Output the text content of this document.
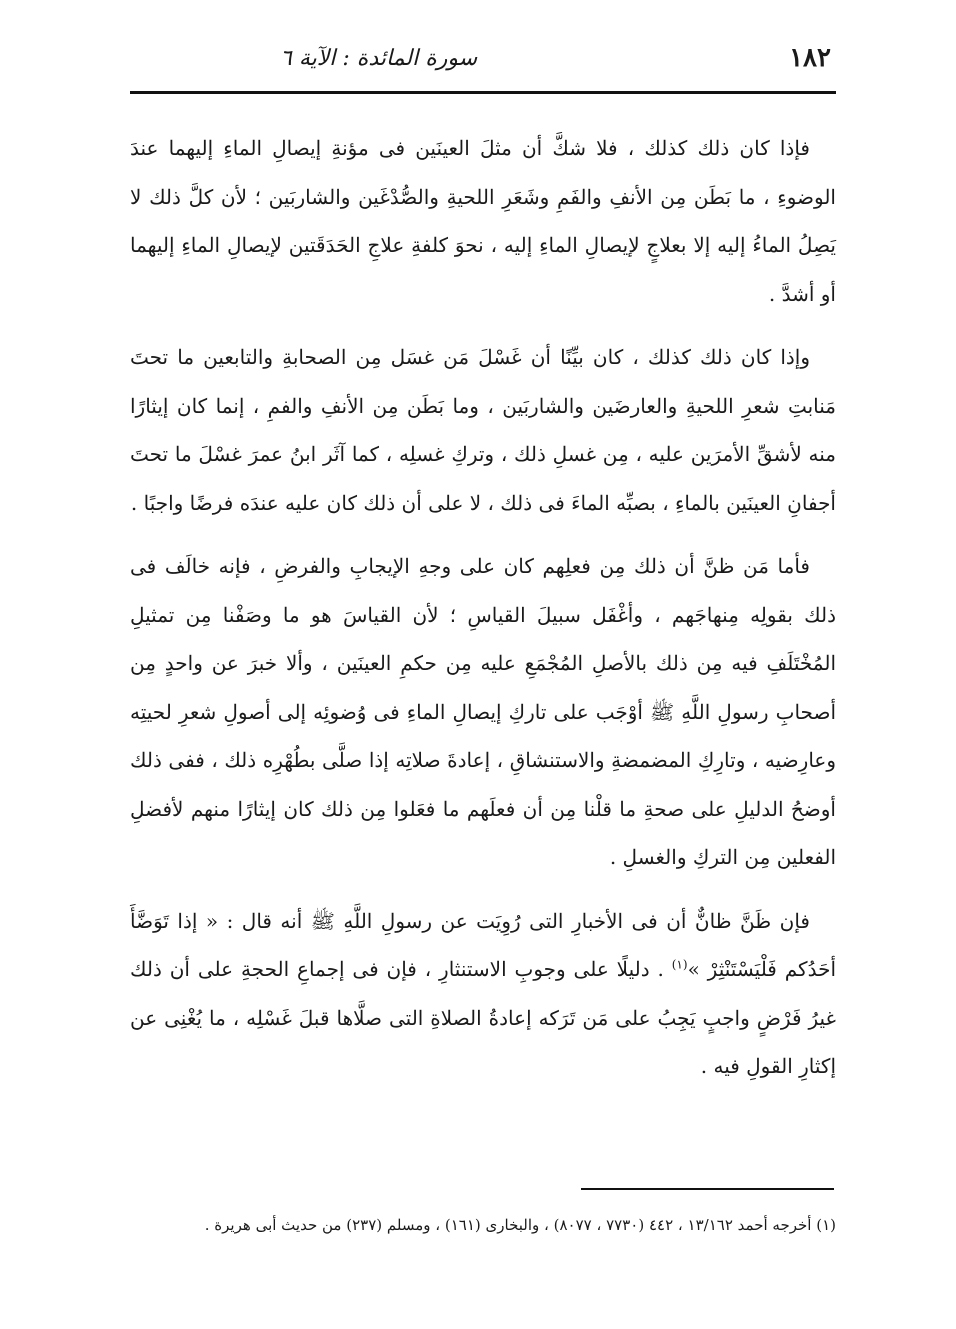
١٨٢
سورة المائدة : الآية ٦

فإذا كان ذلك كذلك ، فلا شكَّ أن مثلَ العينَين فى مؤنةِ إيصالِ الماءِ إليهما عندَ الوضوءِ ، ما بَطَن مِن الأنفِ والفَمِ وشَعَرِ اللحيةِ والصُّدْغَين والشاربَين ؛ لأن كلَّ ذلك لا يَصِلُ الماءُ إليه إلا بعلاجٍ لإيصالِ الماءِ إليه ، نحوَ كلفةِ علاجِ الحَدَقَتين لإيصالِ الماءِ إليهما أو أشدَّ .

وإذا كان ذلك كذلك ، كان بيِّنًا أن غَسْلَ مَن غسَل مِن الصحابةِ والتابعين ما تحتَ مَنابتِ شعرِ اللحيةِ والعارضَين والشاربَين ، وما بَطَن مِن الأنفِ والفمِ ، إنما كان إيثارًا منه لأشقِّ الأمرَين عليه ، مِن غسلِ ذلك ، وتركِ غسلِه ، كما آثَر ابنُ عمرَ غسْلَ ما تحتَ أجفانِ العينَين بالماءِ ، بصبِّه الماءَ فى ذلك ، لا على أن ذلك كان عليه عندَه فرضًا واجبًا .

فأما مَن ظنَّ أن ذلك مِن فعلِهم كان على وجهِ الإيجابِ والفرضِ ، فإنه خالَف فى ذلك بقولِه مِنهاجَهم ، وأغْفَل سبيلَ القياسِ ؛ لأن القياسَ هو ما وصَفْنا مِن تمثيلِ المُخْتَلَفِ فيه مِن ذلك بالأصلِ المُجْمَعِ عليه مِن حكمِ العينَين ، وألا خبرَ عن واحدٍ مِن أصحابِ رسولِ اللَّهِ ﷺ أوْجَب على تاركِ إيصالِ الماءِ فى وُضوئِه إلى أصولِ شعرِ لحيتِه وعارِضيه ، وتارِكِ المضمضةِ والاستنشاقِ ، إعادةَ صلاتِه إذا صلَّى بطُهْرِه ذلك ، ففى ذلك أوضحُ الدليلِ على صحةِ ما قلْنا مِن أن فعلَهم ما فعَلوا مِن ذلك كان إيثارًا منهم لأفضلِ الفعلين مِن التركِ والغسلِ .

فإن ظَنَّ ظانٌّ أن فى الأخبارِ التى رُوِيَت عن رسولِ اللَّهِ ﷺ أنه قال : « إذا تَوَضَّأَ أحَدُكم فَلْيَسْتَنْثِرْ »$^{(١)}$ . دليلًا على وجوبِ الاستنثارِ ، فإن فى إجماعِ الحجةِ على أن ذلك غيرُ فَرْضٍ واجبٍ يَجِبُ على مَن تَرَكه إعادةُ الصلاةِ التى صلَّاها قبلَ غَسْلِه ، ما يُغْنِى عن إكثارِ القولِ فيه .

(١) أخرجه أحمد ١٣/١٦٢ ، ٤٤٢ (٧٧٣٠ ، ٨٠٧٧) ، والبخارى (١٦١) ، ومسلم (٢٣٧) من حديث أبى هريرة .
